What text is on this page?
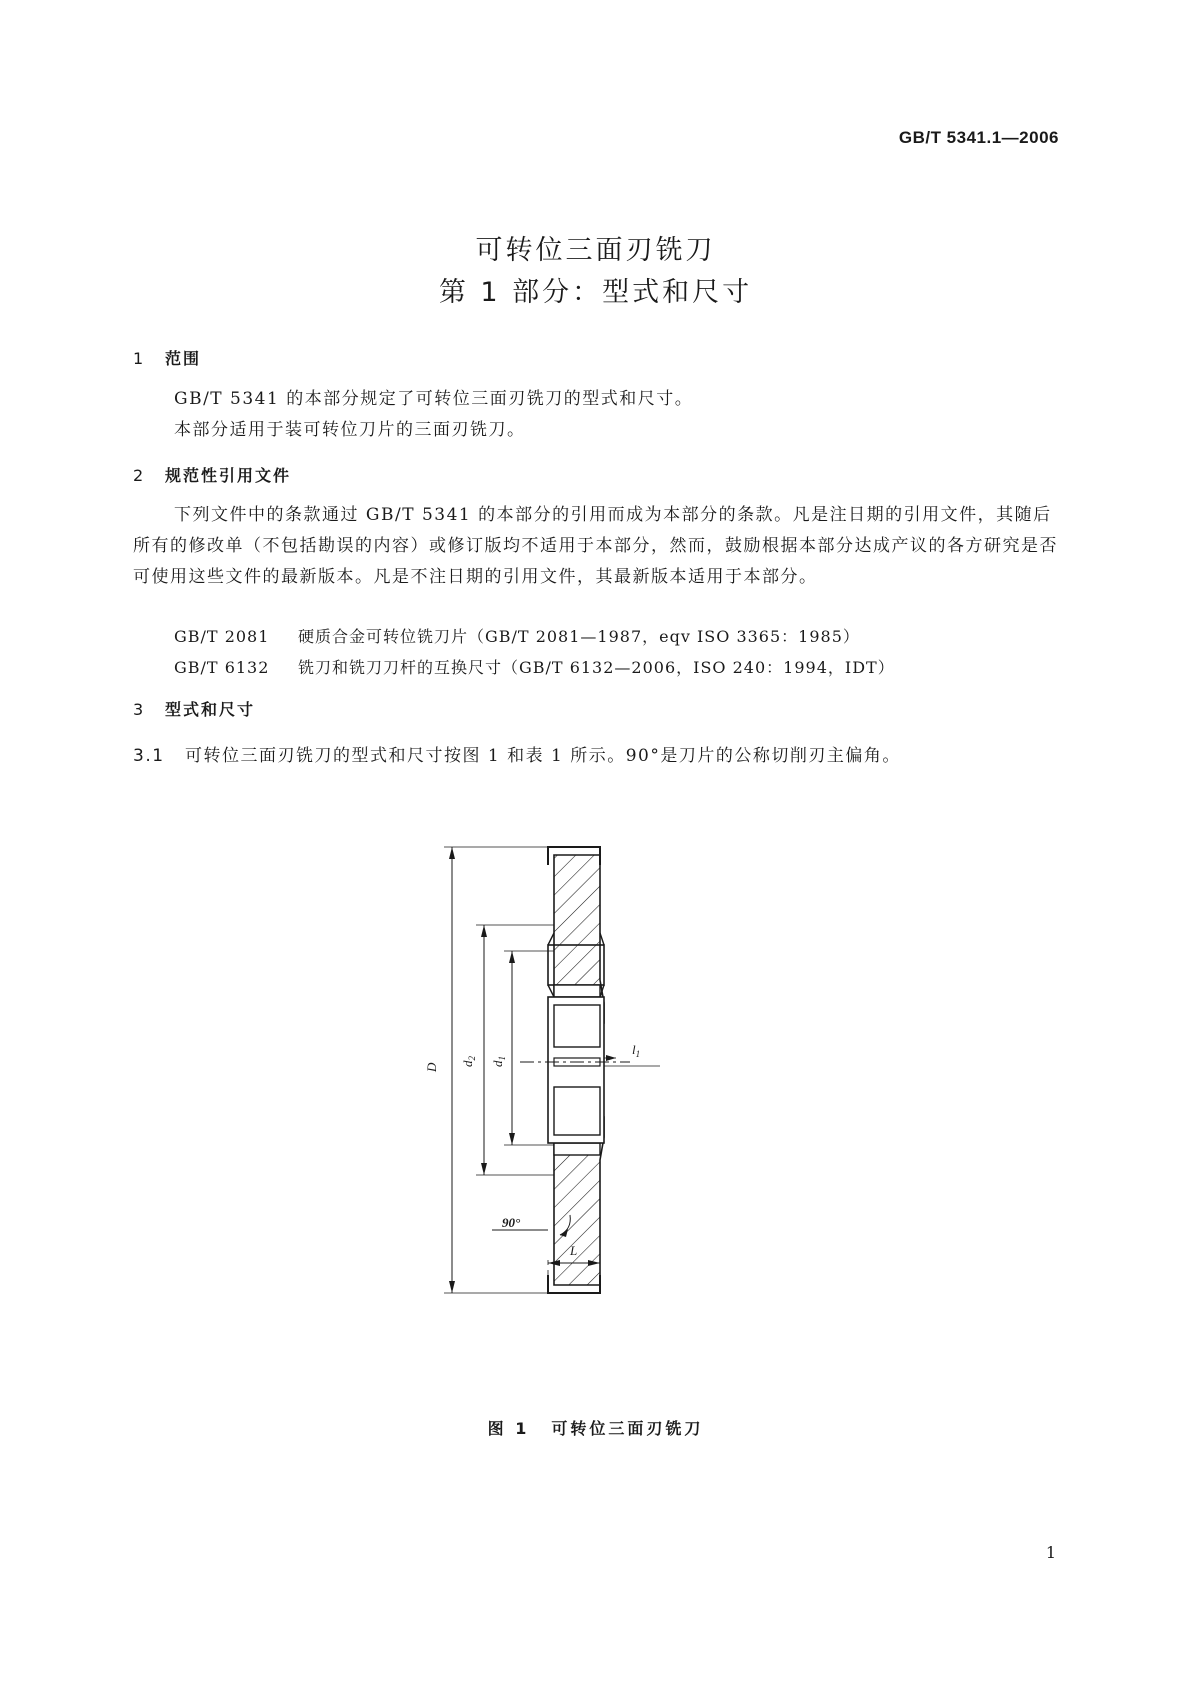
GB/T 5341.1—2006
可转位三面刃铣刀
第 1 部分：型式和尺寸
1 范围
GB/T 5341 的本部分规定了可转位三面刃铣刀的型式和尺寸。
本部分适用于装可转位刀片的三面刃铣刀。
2 规范性引用文件
下列文件中的条款通过 GB/T 5341 的本部分的引用而成为本部分的条款。凡是注日期的引用文件，其随后所有的修改单（不包括勘误的内容）或修订版均不适用于本部分，然而，鼓励根据本部分达成产议的各方研究是否可使用这些文件的最新版本。凡是不注日期的引用文件，其最新版本适用于本部分。
GB/T 2081 硬质合金可转位铣刀片（GB/T 2081—1987，eqv ISO 3365：1985）
GB/T 6132 铣刀和铣刀刀杆的互换尺寸（GB/T 6132—2006，ISO 240：1994，IDT）
3 型式和尺寸
3.1 可转位三面刃铣刀的型式和尺寸按图 1 和表 1 所示。90°是刀片的公称切削刃主偏角。
D $d_2$
$d_1$
$l_1$
90°
L
图 1 可转位三面刃铣刀
1
